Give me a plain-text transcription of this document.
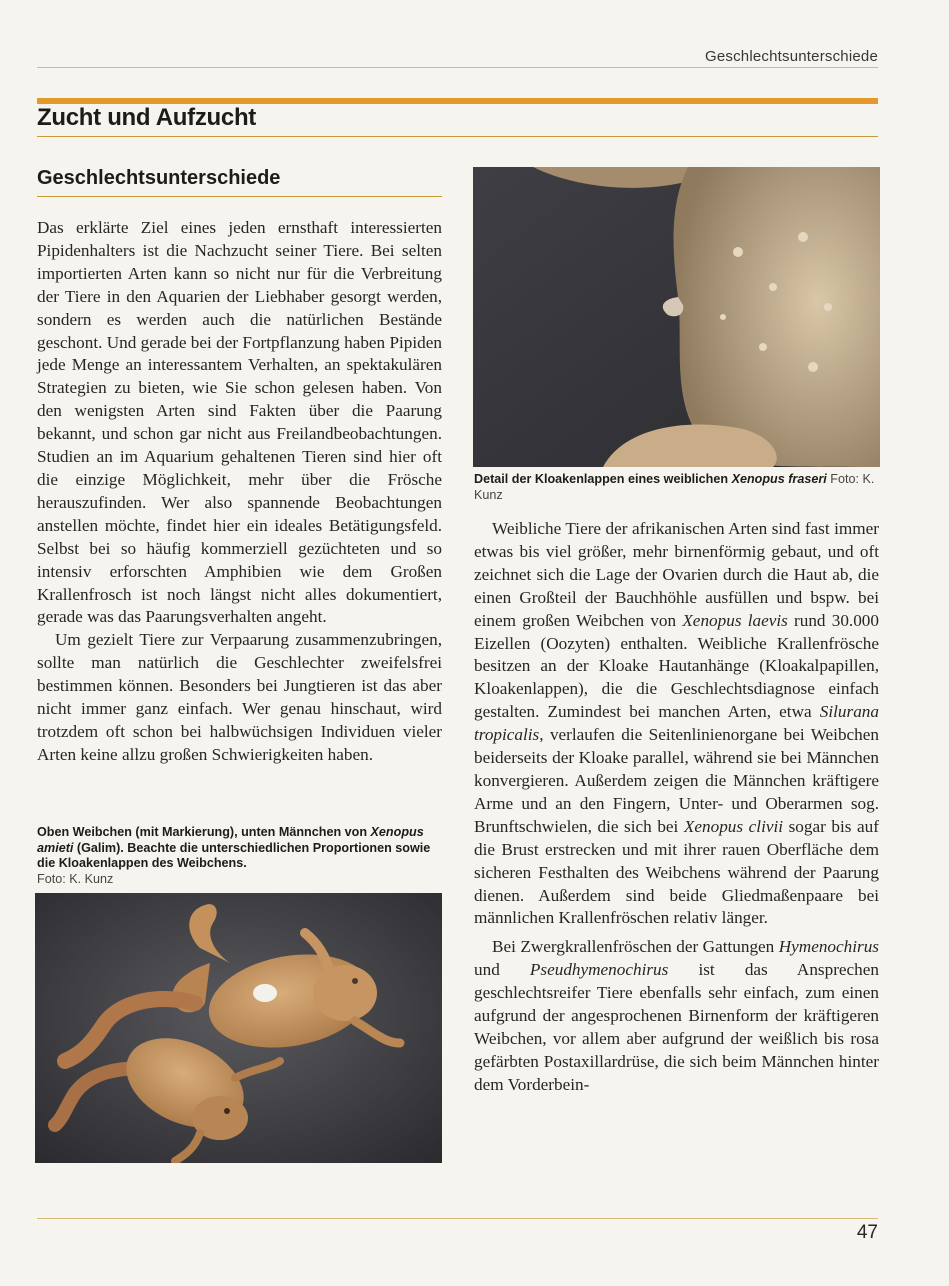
Geschlechtsunterschiede
Zucht und Aufzucht
Geschlechtsunterschiede

Das erklärte Ziel eines jeden ernsthaft interessierten Pipidenhalters ist die Nachzucht seiner Tiere. Bei selten importierten Arten kann so nicht nur für die Verbreitung der Tiere in den Aquarien der Liebhaber gesorgt werden, sondern es werden auch die natürlichen Bestände geschont. Und gerade bei der Fortpflanzung haben Pipiden jede Menge an interessantem Verhalten, an spektakulären Strategien zu bieten, wie Sie schon gelesen haben. Von den wenigsten Arten sind Fakten über die Paarung bekannt, und schon gar nicht aus Freilandbeobachtungen. Studien an im Aquarium gehaltenen Tieren sind hier oft die einzige Möglichkeit, mehr über die Frösche herauszufinden. Wer also spannende Beobachtungen anstellen möchte, findet hier ein ideales Betätigungsfeld. Selbst bei so häufig kommerziell gezüchteten und so intensiv erforschten Amphibien wie dem Großen Krallenfrosch ist noch längst nicht alles dokumentiert, gerade was das Paarungsverhalten angeht.

Um gezielt Tiere zur Verpaarung zusammenzubringen, sollte man natürlich die Geschlechter zweifelsfrei bestimmen können. Besonders bei Jungtieren ist das aber nicht immer ganz einfach. Wer genau hinschaut, wird trotzdem oft schon bei halbwüchsigen Individuen vieler Arten keine allzu großen Schwierigkeiten haben.

Oben Weibchen (mit Markierung), unten Männchen von Xenopus amieti (Galim). Beachte die unterschiedlichen Proportionen sowie die Kloakenlappen des Weibchens.
Foto: K. Kunz
Detail der Kloakenlappen eines weiblichen Xenopus fraseri Foto: K. Kunz

Weibliche Tiere der afrikanischen Arten sind fast immer etwas bis viel größer, mehr birnenförmig gebaut, und oft zeichnet sich die Lage der Ovarien durch die Haut ab, die einen Großteil der Bauchhöhle ausfüllen und bspw. bei einem großen Weibchen von Xenopus laevis rund 30.000 Eizellen (Oozyten) enthalten. Weibliche Krallenfrösche besitzen an der Kloake Hautanhänge (Kloakalpapillen, Kloakenlappen), die die Geschlechtsdiagnose einfach gestalten. Zumindest bei manchen Arten, etwa Silurana tropicalis, verlaufen die Seitenlinienorgane bei Weibchen beiderseits der Kloake parallel, während sie bei Männchen konvergieren. Außerdem zeigen die Männchen kräftigere Arme und an den Fingern, Unter- und Oberarmen sog. Brunftschwielen, die sich bei Xenopus clivii sogar bis auf die Brust erstrecken und mit ihrer rauen Oberfläche dem sicheren Festhalten des Weibchens während der Paarung dienen. Außerdem sind beide Gliedmaßenpaare bei männlichen Krallenfröschen relativ länger.

Bei Zwergkrallenfröschen der Gattungen Hymenochirus und Pseudhymenochirus ist das Ansprechen geschlechtsreifer Tiere ebenfalls sehr einfach, zum einen aufgrund der angesprochenen Birnenform der kräftigeren Weibchen, vor allem aber aufgrund der weißlich bis rosa gefärbten Postaxillardrüse, die sich beim Männchen hinter dem Vorderbein-

47
